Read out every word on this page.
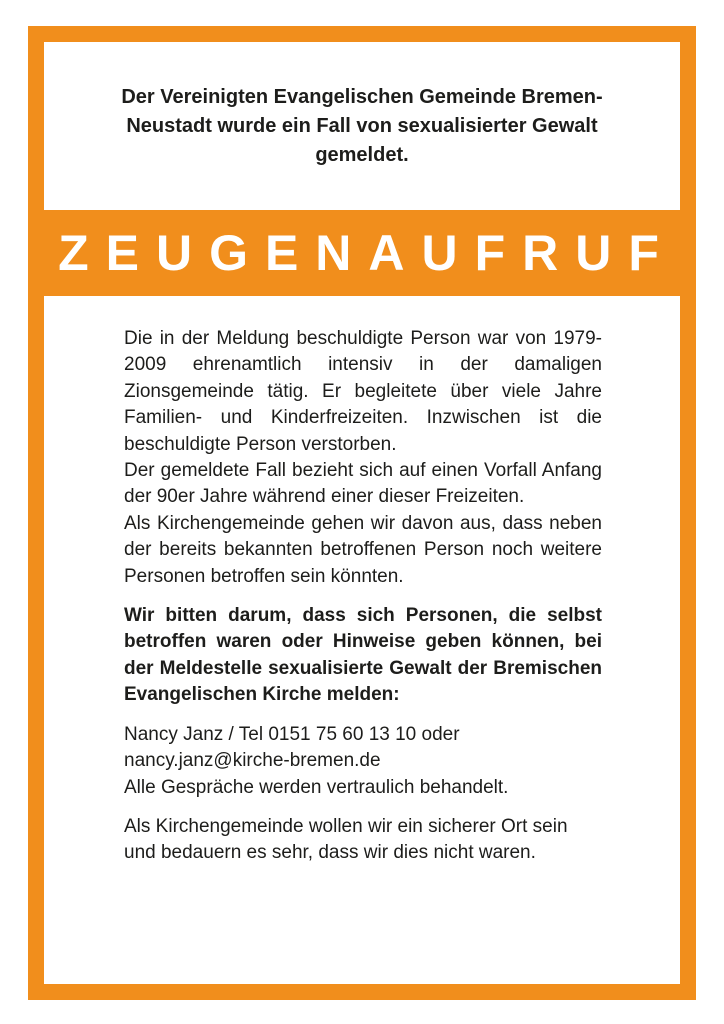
Der Vereinigten Evangelischen Gemeinde Bremen-Neustadt wurde ein Fall von sexualisierter Gewalt gemeldet.

ZEUGENAUFRUF

Die in der Meldung beschuldigte Person war von 1979-2009 ehrenamtlich intensiv in der damaligen Zionsgemeinde tätig. Er begleitete über viele Jahre Familien- und Kinderfreizeiten. Inzwischen ist die beschuldigte Person verstorben.

Der gemeldete Fall bezieht sich auf einen Vorfall Anfang der 90er Jahre während einer dieser Freizeiten.

Als Kirchengemeinde gehen wir davon aus, dass neben der bereits bekannten betroffenen Person noch weitere Personen betroffen sein könnten.

Wir bitten darum, dass sich Personen, die selbst betroffen waren oder Hinweise geben können, bei der Meldestelle sexualisierte Gewalt der Bremischen Evangelischen Kirche melden:

Nancy Janz / Tel 0151 75 60 13 10 oder

nancy.janz@kirche-bremen.de

Alle Gespräche werden vertraulich behandelt.

Als Kirchengemeinde wollen wir ein sicherer Ort sein und bedauern es sehr, dass wir dies nicht waren.
